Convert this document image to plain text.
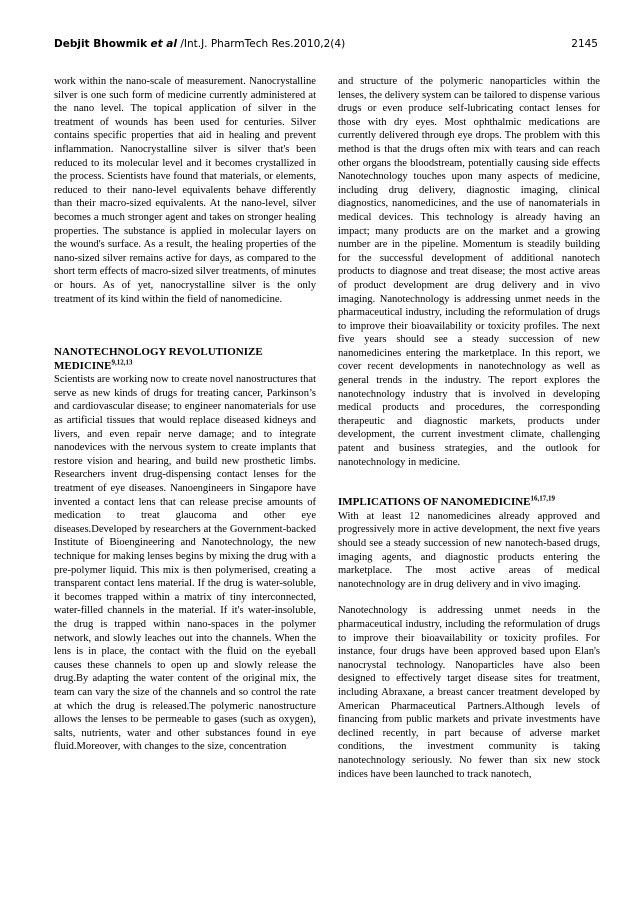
Debjit Bhowmik et al /Int.J. PharmTech Res.2010,2(4)	2145

work within the nano-scale of measurement. Nanocrystalline silver is one such form of medicine currently administered at the nano level. The topical application of silver in the treatment of wounds has been used for centuries. Silver contains specific properties that aid in healing and prevent inflammation. Nanocrystalline silver is silver that's been reduced to its molecular level and it becomes crystallized in the process. Scientists have found that materials, or elements, reduced to their nano-level equivalents behave differently than their macro-sized equivalents. At the nano-level, silver becomes a much stronger agent and takes on stronger healing properties. The substance is applied in molecular layers on the wound's surface. As a result, the healing properties of the nano-sized silver remains active for days, as compared to the short term effects of macro-sized silver treatments, of minutes or hours. As of yet, nanocrystalline silver is the only treatment of its kind within the field of nanomedicine.

NANOTECHNOLOGY REVOLUTIONIZE MEDICINE$^{9,12,13}$

Scientists are working now to create novel nanostructures that serve as new kinds of drugs for treating cancer, Parkinson’s and cardiovascular disease; to engineer nanomaterials for use as artificial tissues that would replace diseased kidneys and livers, and even repair nerve damage; and to integrate nanodevices with the nervous system to create implants that restore vision and hearing, and build new prosthetic limbs. Researchers invent drug-dispensing contact lenses for the treatment of eye diseases. Nanoengineers in Singapore have invented a contact lens that can release precise amounts of medication to treat glaucoma and other eye diseases.Developed by researchers at the Government-backed Institute of Bioengineering and Nanotechnology, the new technique for making lenses begins by mixing the drug with a pre-polymer liquid. This mix is then polymerised, creating a transparent contact lens material. If the drug is water-soluble, it becomes trapped within a matrix of tiny interconnected, water-filled channels in the material. If it's water-insoluble, the drug is trapped within nano-spaces in the polymer network, and slowly leaches out into the channels. When the lens is in place, the contact with the fluid on the eyeball causes these channels to open up and slowly release the drug.By adapting the water content of the original mix, the team can vary the size of the channels and so control the rate at which the drug is released.The polymeric nanostructure allows the lenses to be permeable to gases (such as oxygen), salts, nutrients, water and other substances found in eye fluid.Moreover, with changes to the size, concentration

and structure of the polymeric nanoparticles within the lenses, the delivery system can be tailored to dispense various drugs or even produce self-lubricating contact lenses for those with dry eyes. Most ophthalmic medications are currently delivered through eye drops. The problem with this method is that the drugs often mix with tears and can reach other organs the bloodstream, potentially causing side effects Nanotechnology touches upon many aspects of medicine, including drug delivery, diagnostic imaging, clinical diagnostics, nanomedicines, and the use of nanomaterials in medical devices. This technology is already having an impact; many products are on the market and a growing number are in the pipeline. Momentum is steadily building for the successful development of additional nanotech products to diagnose and treat disease; the most active areas of product development are drug delivery and in vivo imaging. Nanotechnology is addressing unmet needs in the pharmaceutical industry, including the reformulation of drugs to improve their bioavailability or toxicity profiles. The next five years should see a steady succession of new nanomedicines entering the marketplace. In this report, we cover recent developments in nanotechnology as well as general trends in the industry. The report explores the nanotechnology industry that is involved in developing medical products and procedures, the corresponding therapeutic and diagnostic markets, products under development, the current investment climate, challenging patent and business strategies, and the outlook for nanotechnology in medicine.

IMPLICATIONS OF NANOMEDICINE$^{16,17,19}$

With at least 12 nanomedicines already approved and progressively more in active development, the next five years should see a steady succession of new nanotech-based drugs, imaging agents, and diagnostic products entering the marketplace. The most active areas of medical nanotechnology are in drug delivery and in vivo imaging.

Nanotechnology is addressing unmet needs in the pharmaceutical industry, including the reformulation of drugs to improve their bioavailability or toxicity profiles. For instance, four drugs have been approved based upon Elan's nanocrystal technology. Nanoparticles have also been designed to effectively target disease sites for treatment, including Abraxane, a breast cancer treatment developed by American Pharmaceutical Partners.Although levels of financing from public markets and private investments have declined recently, in part because of adverse market conditions, the investment community is taking nanotechnology seriously. No fewer than six new stock indices have been launched to track nanotech,
